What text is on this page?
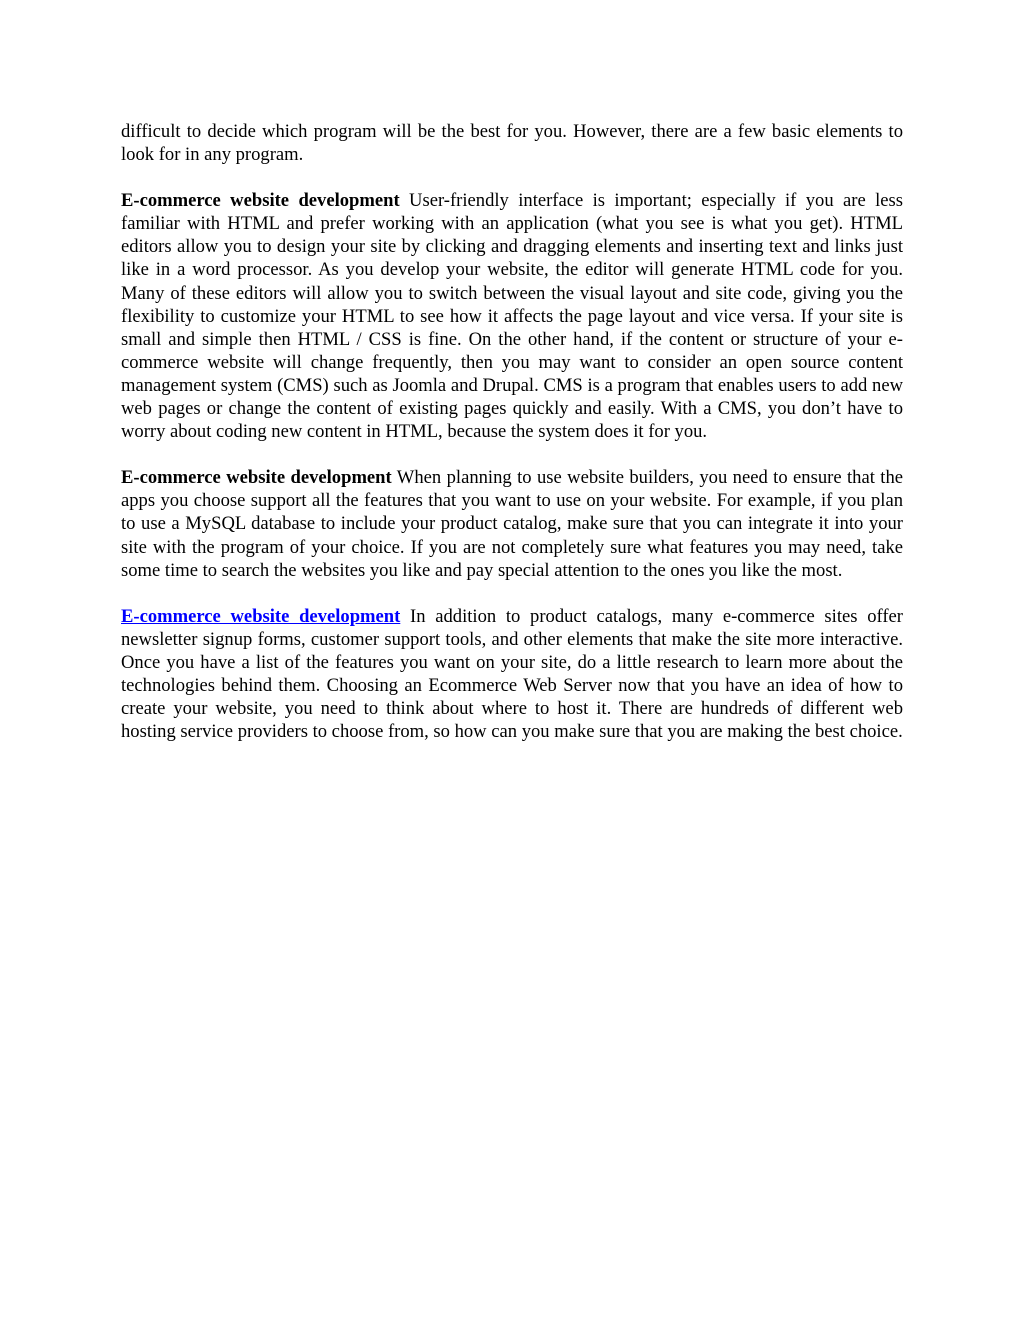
difficult to decide which program will be the best for you. However, there are a few basic elements to look for in any program.

E-commerce website development User-friendly interface is important; especially if you are less familiar with HTML and prefer working with an application (what you see is what you get). HTML editors allow you to design your site by clicking and dragging elements and inserting text and links just like in a word processor. As you develop your website, the editor will generate HTML code for you. Many of these editors will allow you to switch between the visual layout and site code, giving you the flexibility to customize your HTML to see how it affects the page layout and vice versa. If your site is small and simple then HTML / CSS is fine. On the other hand, if the content or structure of your e-commerce website will change frequently, then you may want to consider an open source content management system (CMS) such as Joomla and Drupal. CMS is a program that enables users to add new web pages or change the content of existing pages quickly and easily. With a CMS, you don’t have to worry about coding new content in HTML, because the system does it for you.

E-commerce website development When planning to use website builders, you need to ensure that the apps you choose support all the features that you want to use on your website. For example, if you plan to use a MySQL database to include your product catalog, make sure that you can integrate it into your site with the program of your choice. If you are not completely sure what features you may need, take some time to search the websites you like and pay special attention to the ones you like the most.

E-commerce website development In addition to product catalogs, many e-commerce sites offer newsletter signup forms, customer support tools, and other elements that make the site more interactive. Once you have a list of the features you want on your site, do a little research to learn more about the technologies behind them. Choosing an Ecommerce Web Server now that you have an idea of how to create your website, you need to think about where to host it. There are hundreds of different web hosting service providers to choose from, so how can you make sure that you are making the best choice.
